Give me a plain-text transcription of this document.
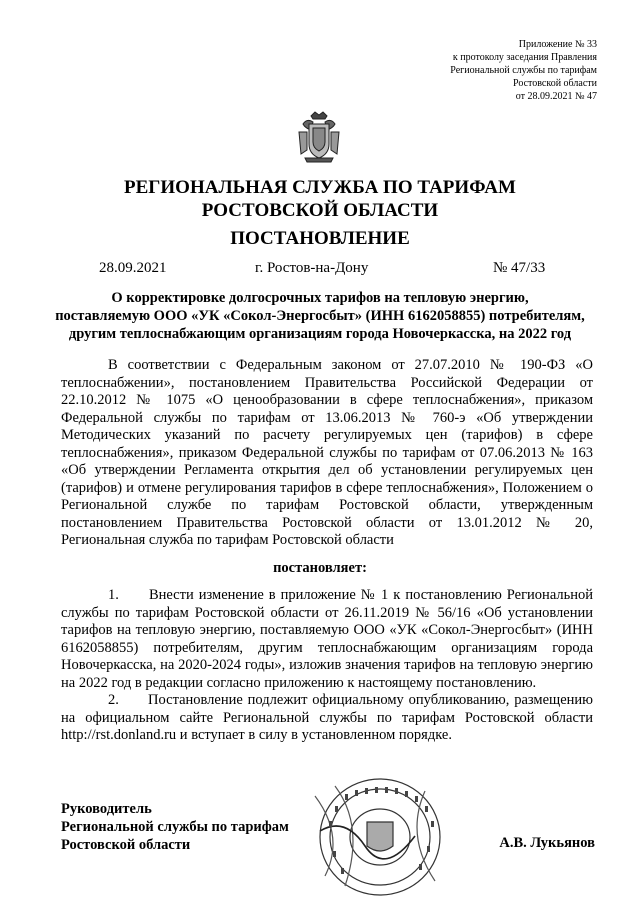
Приложение № 33
к протоколу заседания Правления
Региональной службы по тарифам
Ростовской области
от 28.09.2021 № 47
РЕГИОНАЛЬНАЯ СЛУЖБА ПО ТАРИФАМ
РОСТОВСКОЙ ОБЛАСТИ
ПОСТАНОВЛЕНИЕ
28.09.2021	г. Ростов-на-Дону	№ 47/33
О корректировке долгосрочных тарифов на тепловую энергию,
поставляемую ООО «УК «Сокол-Энергосбыт» (ИНН 6162058855) потребителям,
другим теплоснабжающим организациям города Новочеркасска, на 2022 год

В соответствии с Федеральным законом от 27.07.2010 № 190-ФЗ «О теплоснабжении», постановлением Правительства Российской Федерации от 22.10.2012 № 1075 «О ценообразовании в сфере теплоснабжения», приказом Федеральной службы по тарифам от 13.06.2013 № 760-э «Об утверждении Методических указаний по расчету регулируемых цен (тарифов) в сфере теплоснабжения», приказом Федеральной службы по тарифам от 07.06.2013 № 163 «Об утверждении Регламента открытия дел об установлении регулируемых цен (тарифов) и отмене регулирования тарифов в сфере теплоснабжения», Положением о Региональной службе по тарифам Ростовской области, утвержденным постановлением Правительства Ростовской области от 13.01.2012 № 20, Региональная служба по тарифам Ростовской области

постановляет:

1.      Внести изменение в приложение № 1 к постановлению Региональной службы по тарифам Ростовской области от 26.11.2019 № 56/16 «Об установлении тарифов на тепловую энергию, поставляемую ООО «УК «Сокол-Энергосбыт» (ИНН 6162058855) потребителям, другим теплоснабжающим организациям города Новочеркасска, на 2020-2024 годы», изложив значения тарифов на тепловую энергию на 2022 год в редакции согласно приложению к настоящему постановлению.

2.      Постановление подлежит официальному опубликованию, размещению на официальном сайте Региональной службы по тарифам Ростовской области http://rst.donland.ru и вступает в силу в установленном порядке.

Руководитель
Региональной службы по тарифам
Ростовской области	А.В. Лукьянов
